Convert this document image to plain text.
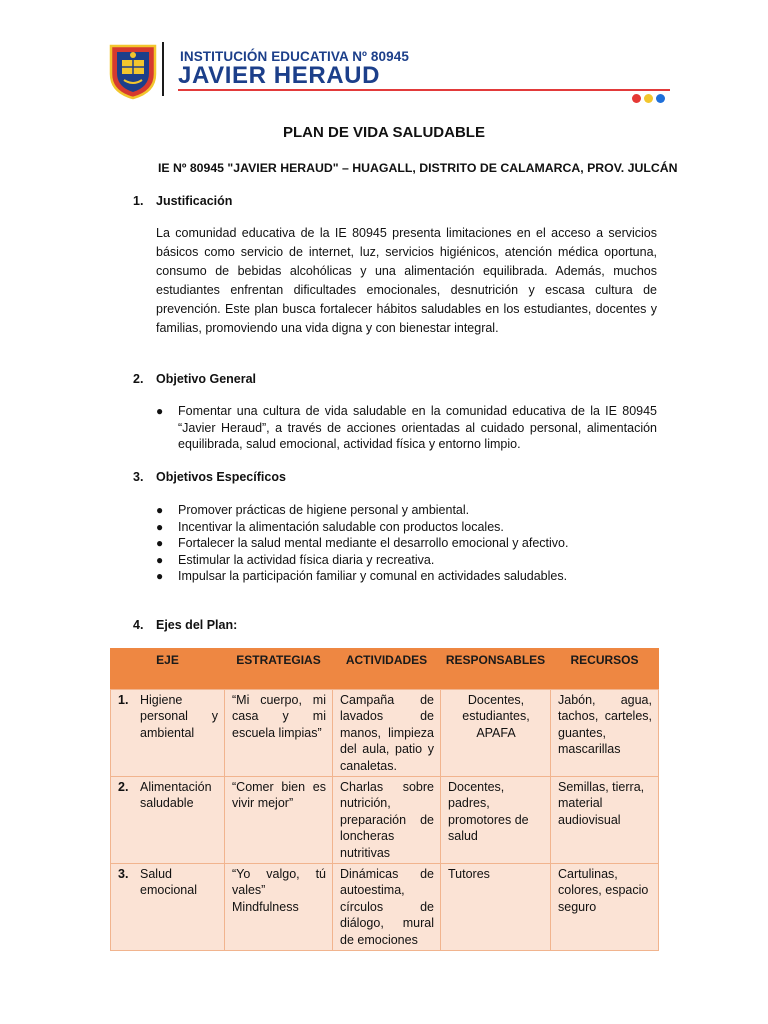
INSTITUCIÓN EDUCATIVA Nº 80945
JAVIER HERAUD
PLAN DE VIDA SALUDABLE
IE Nº 80945 "JAVIER HERAUD" – HUAGALL, DISTRITO DE CALAMARCA, PROV. JULCÁN
1. Justificación
La comunidad educativa de la IE 80945 presenta limitaciones en el acceso a servicios básicos como servicio de internet, luz, servicios higiénicos, atención médica oportuna, consumo de bebidas alcohólicas y una alimentación equilibrada. Además, muchos estudiantes enfrentan dificultades emocionales, desnutrición y escasa cultura de prevención. Este plan busca fortalecer hábitos saludables en los estudiantes, docentes y familias, promoviendo una vida digna y con bienestar integral.
2. Objetivo General
● Fomentar una cultura de vida saludable en la comunidad educativa de la IE 80945 “Javier Heraud”, a través de acciones orientadas al cuidado personal, alimentación equilibrada, salud emocional, actividad física y entorno limpio.
3. Objetivos Específicos
● Promover prácticas de higiene personal y ambiental.
● Incentivar la alimentación saludable con productos locales.
● Fortalecer la salud mental mediante el desarrollo emocional y afectivo.
● Estimular la actividad física diaria y recreativa.
● Impulsar la participación familiar y comunal en actividades saludables.
4. Ejes del Plan:
EJE	ESTRATEGIAS	ACTIVIDADES	RESPONSABLES	RECURSOS

1. Higiene personal y ambiental	“Mi cuerpo, mi casa y mi escuela limpias”	Campaña de lavados de manos, limpieza del aula, patio y canaletas.	Docentes, estudiantes, APAFA	Jabón, agua, tachos, carteles, guantes, mascarillas

2. Alimentación saludable	“Comer bien es vivir mejor”	Charlas sobre nutrición, preparación de loncheras nutritivas	Docentes, padres, promotores de salud	Semillas, tierra, material audiovisual

3. Salud emocional	“Yo valgo, tú vales” Mindfulness	Dinámicas de autoestima, círculos de diálogo, mural de emociones	Tutores	Cartulinas, colores, espacio seguro
